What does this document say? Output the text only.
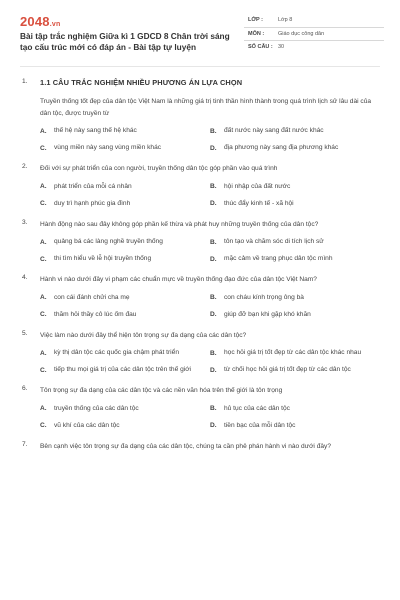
2048.vn
Bài tập trắc nghiệm Giữa kì 1 GDCD 8 Chân trời sáng tạo cấu trúc mới có đáp án - Bài tập tự luyện
LỚP :	Lớp 8
MÔN :	Giáo dục công dân
SỐ CÂU : 30
1. 1.1 CÂU TRẮC NGHIỆM NHIỀU PHƯƠNG ÁN LỰA CHỌN
Truyền thống tốt đẹp của dân tộc Việt Nam là những giá trị tinh thần hình thành trong quá trình lịch sử lâu dài của dân tộc, được truyền từ
A.	thế hệ này sang thế hệ khác	B.	đất nước này sang đất nước khác
C.	vùng miền này sang vùng miền khác	D.	địa phương này sang địa phương khác
2. Đối với sự phát triển của con người, truyền thống dân tộc góp phần vào quá trình
A.	phát triển của mỗi cá nhân	B.	hội nhập của đất nước
C.	duy trì hạnh phúc gia đình	D.	thúc đẩy kinh tế - xã hội
3. Hành động nào sau đây không góp phần kế thừa và phát huy những truyền thống của dân tộc?
A.	quảng bá các làng nghề truyền thống	B.	tôn tạo và chăm sóc di tích lịch sử
C.	thi tìm hiểu về lễ hội truyền thống	D.	mặc cảm về trang phục dân tộc mình
4. Hành vi nào dưới đây vi phạm các chuẩn mực về truyền thống đạo đức của dân tộc Việt Nam?
A.	con cái đánh chửi cha mẹ	B.	con cháu kính trọng ông bà
C.	thăm hỏi thầy cô lúc ốm đau	D.	giúp đỡ bạn khi gặp khó khăn
5. Việc làm nào dưới đây thể hiện tôn trọng sự đa dạng của các dân tộc?
A.	kỳ thị dân tộc các quốc gia chậm phát triển	B.	học hỏi giá trị tốt đẹp từ các dân tộc khác nhau
C.	tiếp thu mọi giá trị của các dân tộc trên thế giới	D.	từ chối học hỏi giá trị tốt đẹp từ các dân tộc
6. Tôn trọng sự đa dạng của các dân tộc và các nền văn hóa trên thế giới là tôn trọng
A.	truyền thống của các dân tộc	B.	hủ tục của các dân tộc
C.	vũ khí của các dân tộc	D.	tiền bạc của mỗi dân tộc
7. Bên cạnh việc tôn trọng sự đa dạng của các dân tộc, chúng ta cần phê phán hành vi nào dưới đây?
